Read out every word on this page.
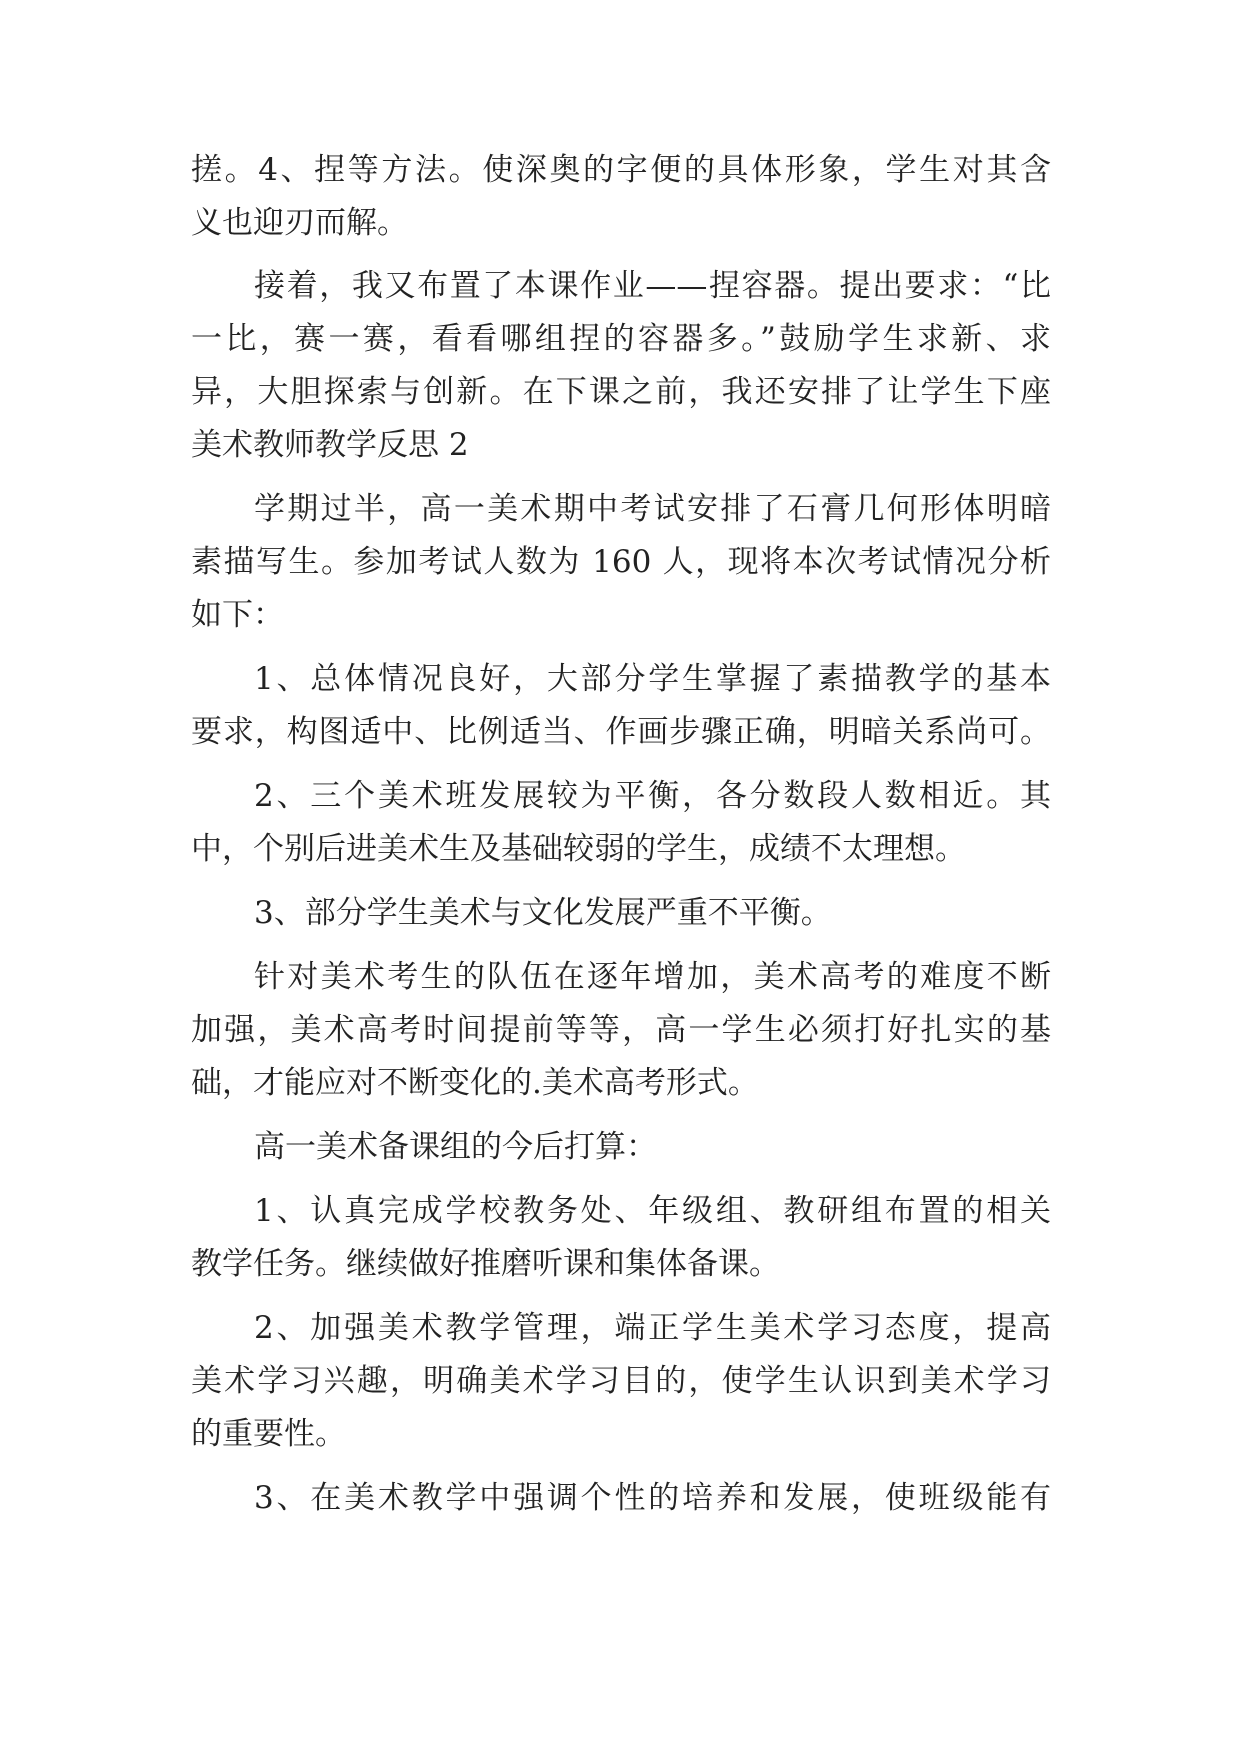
搓。4、捏等方法。使深奥的字便的具体形象，学生对其含

义也迎刃而解。

接着，我又布置了本课作业——捏容器。提出要求：“比

一比，赛一赛，看看哪组捏的容器多。”鼓励学生求新、求

异，大胆探索与创新。在下课之前，我还安排了让学生下座

美术教师教学反思 2

学期过半，高一美术期中考试安排了石膏几何形体明暗

素描写生。参加考试人数为 160 人，现将本次考试情况分析

如下：

1、总体情况良好，大部分学生掌握了素描教学的基本

要求，构图适中、比例适当、作画步骤正确，明暗关系尚可。

2、三个美术班发展较为平衡，各分数段人数相近。其

中，个别后进美术生及基础较弱的学生，成绩不太理想。

3、部分学生美术与文化发展严重不平衡。

针对美术考生的队伍在逐年增加，美术高考的难度不断

加强，美术高考时间提前等等，高一学生必须打好扎实的基

础，才能应对不断变化的.美术高考形式。

高一美术备课组的今后打算：

1、认真完成学校教务处、年级组、教研组布置的相关

教学任务。继续做好推磨听课和集体备课。

2、加强美术教学管理，端正学生美术学习态度，提高

美术学习兴趣，明确美术学习目的，使学生认识到美术学习

的重要性。

3、在美术教学中强调个性的培养和发展，使班级能有
